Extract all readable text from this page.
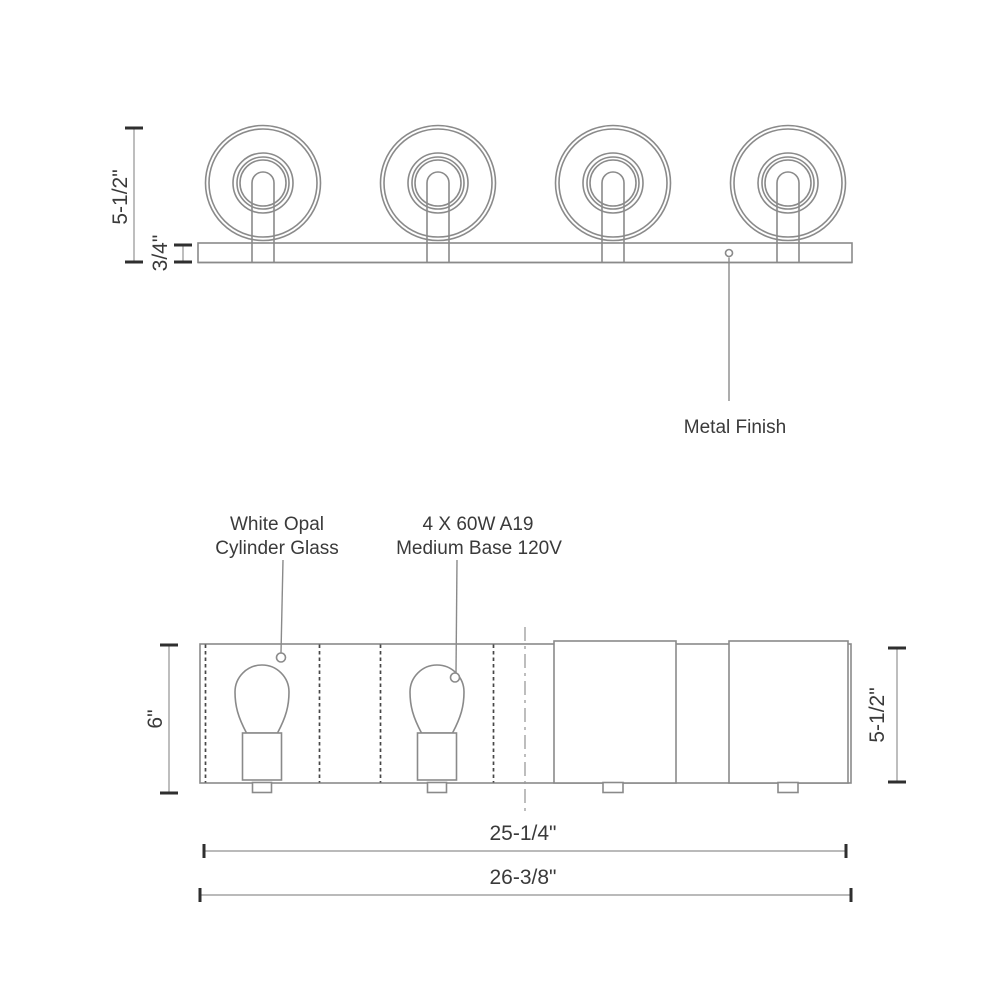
Metal Finish
5-1/2"
3/4"
White Opal
Cylinder Glass
4 X 60W A19
Medium Base 120V
6"	5-1/2"
25-1/4"
26-3/8"
